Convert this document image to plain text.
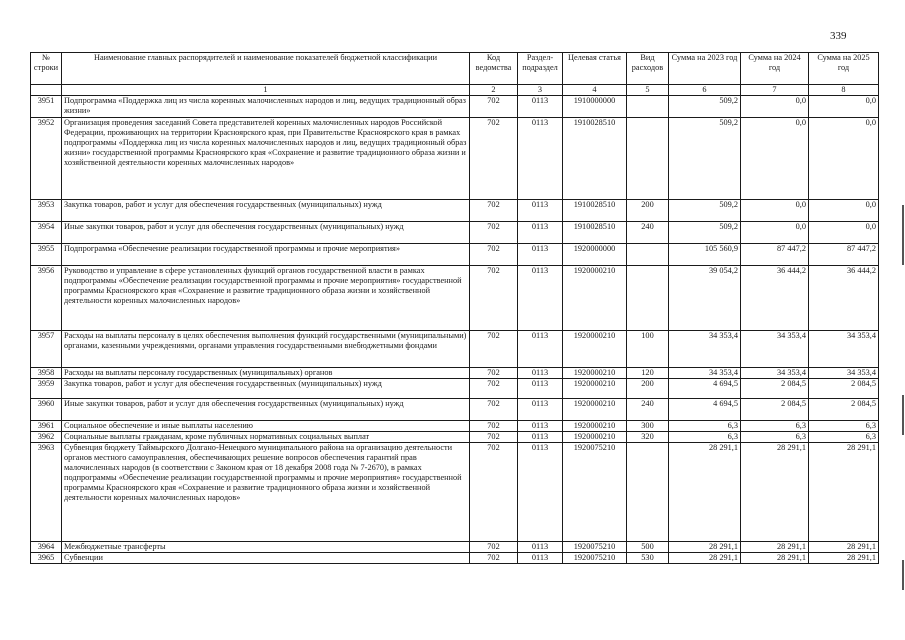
339
№ строки	Наименование главных распорядителей и наименование показателей бюджетной классификации	Код ведомства	Раздел-подраздел	Целевая статья	Вид расходов	Сумма на 2023 год	Сумма на 2024 год	Сумма на 2025 год
	1	2	3	4	5	6	7	8
3951	Подпрограмма «Поддержка лиц из числа коренных малочисленных народов и лиц, ведущих традиционный образ жизни»	702	0113	1910000000		509,2	0,0	0,0
3952	Организация проведения заседаний Совета представителей коренных малочисленных народов Российской Федерации, проживающих на территории Красноярского края, при Правительстве Красноярского края в рамках подпрограммы «Поддержка лиц из числа коренных малочисленных народов и лиц, ведущих традиционный образ жизни» государственной программы Красноярского края «Сохранение и развитие традиционного образа жизни и хозяйственной деятельности коренных малочисленных народов»	702	0113	1910028510		509,2	0,0	0,0
3953	Закупка товаров, работ и услуг для обеспечения государственных (муниципальных) нужд	702	0113	1910028510	200	509,2	0,0	0,0
3954	Иные закупки товаров, работ и услуг для обеспечения государственных (муниципальных) нужд	702	0113	1910028510	240	509,2	0,0	0,0
3955	Подпрограмма «Обеспечение реализации государственной программы и прочие мероприятия»	702	0113	1920000000		105 560,9	87 447,2	87 447,2
3956	Руководство и управление в сфере установленных функций органов государственной власти в рамках подпрограммы «Обеспечение реализации государственной программы и прочие мероприятия» государственной программы Красноярского края «Сохранение и развитие традиционного образа жизни и хозяйственной деятельности коренных малочисленных народов»	702	0113	1920000210		39 054,2	36 444,2	36 444,2
3957	Расходы на выплаты персоналу в целях обеспечения выполнения функций государственными (муниципальными) органами, казенными учреждениями, органами управления государственными внебюджетными фондами	702	0113	1920000210	100	34 353,4	34 353,4	34 353,4
3958	Расходы на выплаты персоналу государственных (муниципальных) органов	702	0113	1920000210	120	34 353,4	34 353,4	34 353,4
3959	Закупка товаров, работ и услуг для обеспечения государственных (муниципальных) нужд	702	0113	1920000210	200	4 694,5	2 084,5	2 084,5
3960	Иные закупки товаров, работ и услуг для обеспечения государственных (муниципальных) нужд	702	0113	1920000210	240	4 694,5	2 084,5	2 084,5
3961	Социальное обеспечение и иные выплаты населению	702	0113	1920000210	300	6,3	6,3	6,3
3962	Социальные выплаты гражданам, кроме публичных нормативных социальных выплат	702	0113	1920000210	320	6,3	6,3	6,3
3963	Субвенция бюджету Таймырского Долгано-Ненецкого муниципального района на организацию деятельности органов местного самоуправления, обеспечивающих решение вопросов обеспечения гарантий прав малочисленных народов (в соответствии с Законом края от 18 декабря 2008 года № 7-2670), в рамках подпрограммы «Обеспечение реализации государственной программы и прочие мероприятия» государственной программы Красноярского края «Сохранение и развитие традиционного образа жизни и хозяйственной деятельности коренных малочисленных народов»	702	0113	1920075210		28 291,1	28 291,1	28 291,1
3964	Межбюджетные трансферты	702	0113	1920075210	500	28 291,1	28 291,1	28 291,1
3965	Субвенции	702	0113	1920075210	530	28 291,1	28 291,1	28 291,1
